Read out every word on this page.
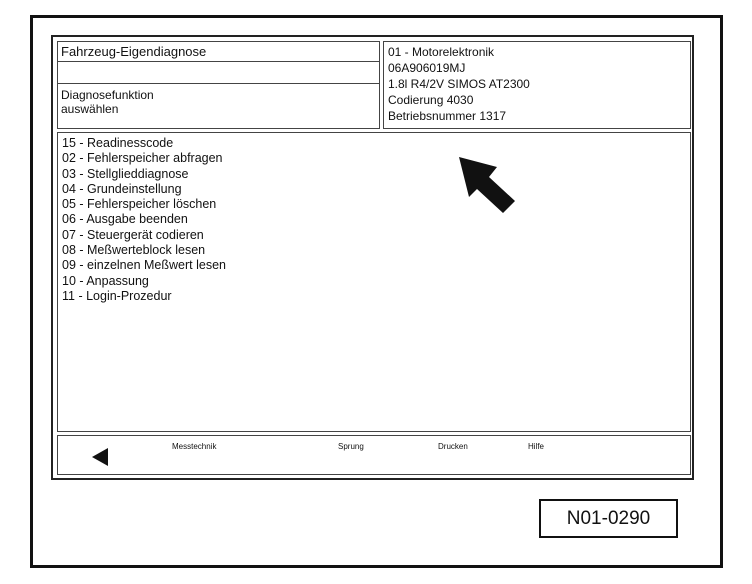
Fahrzeug-Eigendiagnose
Diagnosefunktion
auswählen
01 - Motorelektronik
06A906019MJ
1.8l R4/2V SIMOS AT2300
Codierung 4030
Betriebsnummer 1317
15 - Readinesscode
02 - Fehlerspeicher abfragen
03 - Stellglieddiagnose
04 - Grundeinstellung
05 - Fehlerspeicher löschen
06 - Ausgabe beenden
07 - Steuergerät codieren
08 - Meßwerteblock lesen
09 - einzelnen Meßwert lesen
10 - Anpassung
11 - Login-Prozedur
Messtechnik	Sprung	Drucken	Hilfe
N01-0290
